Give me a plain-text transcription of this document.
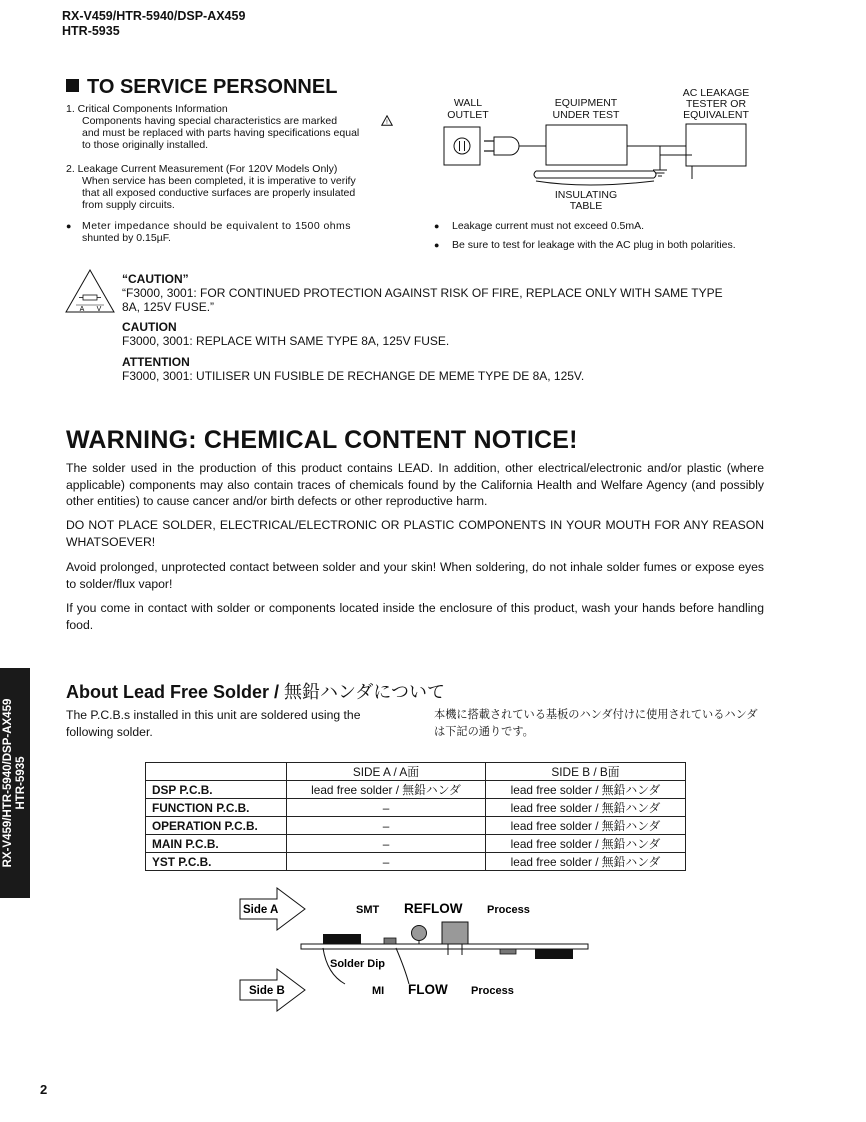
RX-V459/HTR-5940/DSP-AX459
HTR-5935
TO SERVICE PERSONNEL
1. Critical Components Information
Components having special characteristics are marked	!
and must be replaced with parts having specifications equal
to those originally installed.
2. Leakage Current Measurement (For 120V Models Only)
When service has been completed, it is imperative to verify
that all exposed conductive surfaces are properly insulated
from supply circuits.
●	Meter impedance should be equivalent to 1500 ohms
shunted by 0.15µF.
WALL
OUTLET
EQUIPMENT
UNDER TEST
AC LEAKAGE
TESTER OR
EQUIVALENT
INSULATING
TABLE
● Leakage current must not exceed 0.5mA.
● Be sure to test for leakage with the AC plug in both polarities.
A V
“CAUTION”
“F3000, 3001: FOR CONTINUED PROTECTION AGAINST RISK OF FIRE, REPLACE ONLY WITH SAME TYPE
8A, 125V FUSE.”
CAUTION
F3000, 3001: REPLACE WITH SAME TYPE 8A, 125V FUSE.
ATTENTION
F3000, 3001: UTILISER UN FUSIBLE DE RECHANGE DE MEME TYPE DE 8A, 125V.
WARNING: CHEMICAL CONTENT NOTICE!
The solder used in the production of this product contains LEAD. In addition, other electrical/electronic and/or plastic (where applicable) components may also contain traces of chemicals found by the California Health and Welfare Agency (and possibly other entities) to cause cancer and/or birth defects or other reproductive harm.
DO NOT PLACE SOLDER, ELECTRICAL/ELECTRONIC OR PLASTIC COMPONENTS IN YOUR MOUTH FOR ANY REASON WHATSOEVER!
Avoid prolonged, unprotected contact between solder and your skin! When soldering, do not inhale solder fumes or expose eyes to solder/flux vapor!
If you come in contact with solder or components located inside the enclosure of this product, wash your hands before handling food.
About Lead Free Solder / 無鉛ハンダについて
The P.C.B.s installed in this unit are soldered using the
following solder.
本機に搭載されている基板のハンダ付けに使用されているハンダ
は下記の通りです。
	SIDE A / A面	SIDE B / B面
DSP P.C.B.	lead free solder / 無鉛ハンダ	lead free solder / 無鉛ハンダ
FUNCTION P.C.B.	–	lead free solder / 無鉛ハンダ
OPERATION P.C.B.	–	lead free solder / 無鉛ハンダ
MAIN P.C.B.	–	lead free solder / 無鉛ハンダ
YST P.C.B.	–	lead free solder / 無鉛ハンダ
Side A	SMT REFLOW Process
Solder Dip
Side B	MI FLOW Process
RX-V459/HTR-5940/DSP-AX459 HTR-5935
2
